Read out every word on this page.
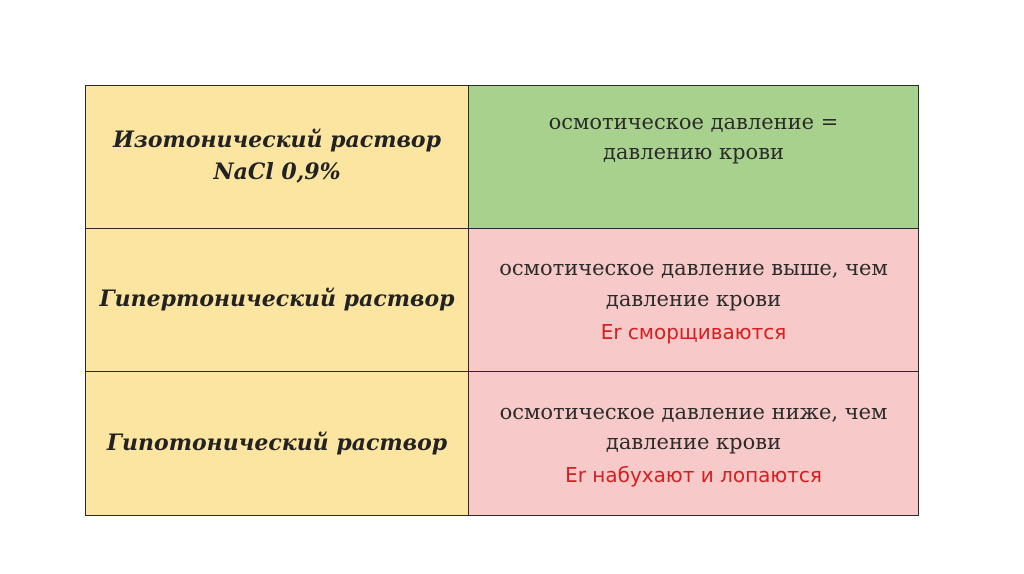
Изотонический раствор
NaCl 0,9%	осмотическое давление =
давлению крови

Гипертонический раствор	осмотическое давление выше, чем
давление крови
Er сморщиваются

Гипотонический раствор	осмотическое давление ниже, чем
давление крови
Er набухают и лопаются
